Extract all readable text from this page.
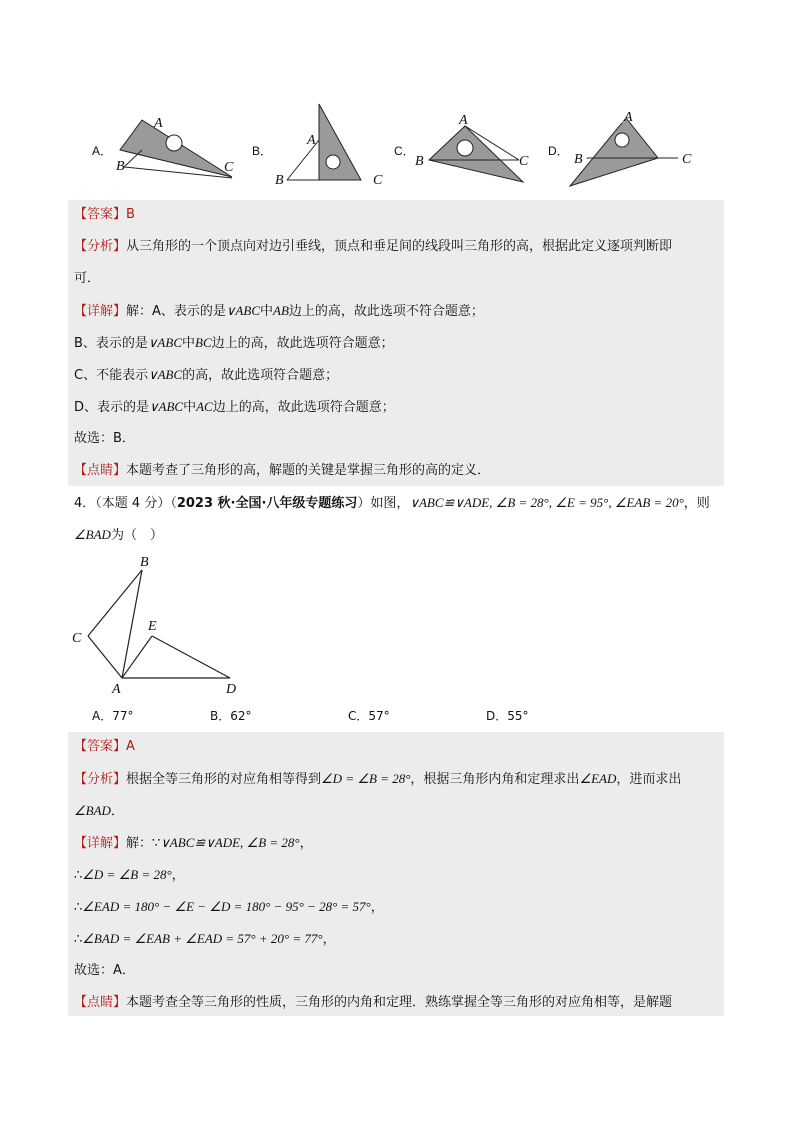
A．
A
B	C
B．
A
B	C
C．
A
B	C
D．
A
B	C
【答案】B
【分析】从三角形的一个顶点向对边引垂线，顶点和垂足间的线段叫三角形的高，根据此定义逐项判断即
可．
【详解】解：A、表示的是∨ABC中AB边上的高，故此选项不符合题意；
B、表示的是∨ABC中BC边上的高，故此选项符合题意；
C、不能表示∨ABC的高，故此选项符合题意；
D、表示的是∨ABC中AC边上的高，故此选项符合题意；
故选：B．
【点睛】本题考查了三角形的高，解题的关键是掌握三角形的高的定义．
4．（本题 4 分）（2023 秋·全国·八年级专题练习）如图，∨ABC≌∨ADE, ∠B = 28°, ∠E = 95°, ∠EAB = 20°，则
∠BAD为（　）
B
C
E
A	D
A．77°	B．62°	C．57°	D．55°
【答案】A
【分析】根据全等三角形的对应角相等得到∠D = ∠B = 28°，根据三角形内角和定理求出∠EAD，进而求出
∠BAD．
【详解】解：∵∨ABC≌∨ADE, ∠B = 28°，
∴∠D = ∠B = 28°，
∴∠EAD = 180° − ∠E − ∠D = 180° − 95° − 28° = 57°，
∴∠BAD = ∠EAB + ∠EAD = 57° + 20° = 77°，
故选：A．
【点睛】本题考查全等三角形的性质，三角形的内角和定理．熟练掌握全等三角形的对应角相等，是解题
